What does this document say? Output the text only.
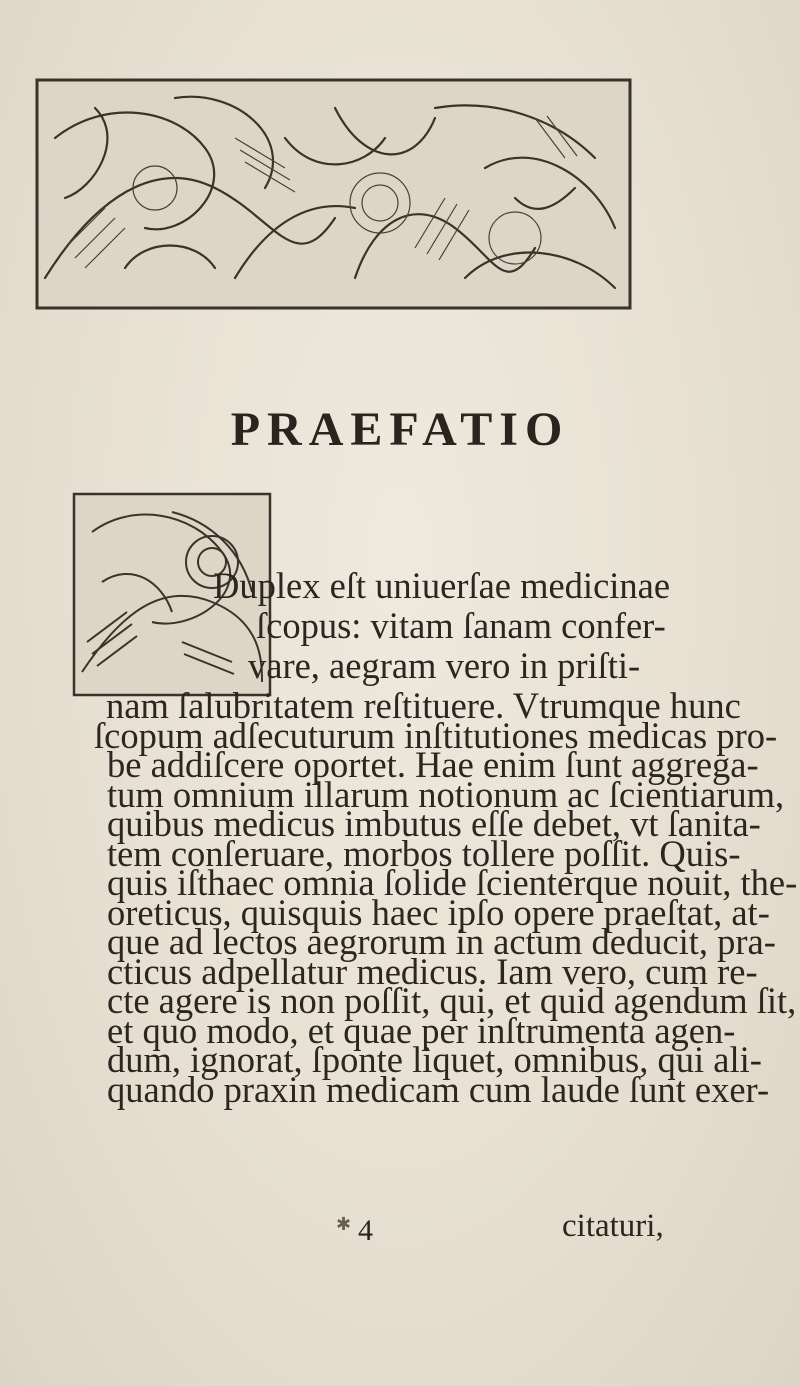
PRAEFATIO
Duplex eſt uniuerſae medicinae
ſcopus: vitam ſanam confer-
vare, aegram vero in priſti-
nam ſalubritatem reſtituere. Vtrumque hunc
ſcopum adſecuturum inſtitutiones medicas pro-
be addiſcere oportet. Hae enim ſunt aggrega-
tum omnium illarum notionum ac ſcientiarum,
quibus medicus imbutus eſſe debet, vt ſanita-
tem conſeruare, morbos tollere poſſit. Quis-
quis iſthaec omnia ſolide ſcienterque nouit, the-
oreticus, quisquis haec ipſo opere praeſtat, at-
que ad lectos aegrorum in actum deducit, pra-
cticus adpellatur medicus. Iam vero, cum re-
cte agere is non poſſit, qui, et quid agendum ſit,
et quo modo, et quae per inſtrumenta agen-
dum, ignorat, ſponte liquet, omnibus, qui ali-
✱ 4	citaturi,
quando praxin medicam cum laude ſunt exer-
